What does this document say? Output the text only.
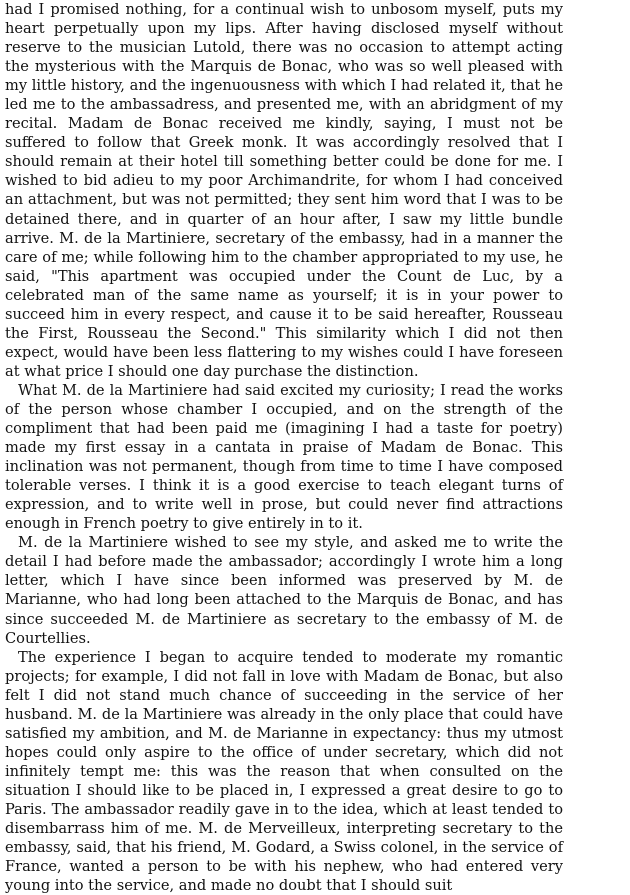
had I promised nothing, for a continual wish to unbosom myself, puts my heart perpetually upon my lips. After having disclosed myself without reserve to the musician Lutold, there was no occasion to attempt acting the mysterious with the Marquis de Bonac, who was so well pleased with my little history, and the ingenuousness with which I had related it, that he led me to the ambassadress, and presented me, with an abridgment of my recital. Madam de Bonac received me kindly, saying, I must not be suffered to follow that Greek monk. It was accordingly resolved that I should remain at their hotel till something better could be done for me. I wished to bid adieu to my poor Archimandrite, for whom I had conceived an attachment, but was not permitted; they sent him word that I was to be detained there, and in quarter of an hour after, I saw my little bundle arrive. M. de la Martiniere, secretary of the embassy, had in a manner the care of me; while following him to the chamber appropriated to my use, he said, "This apartment was occupied under the Count de Luc, by a celebrated man of the same name as yourself; it is in your power to succeed him in every respect, and cause it to be said hereafter, Rousseau the First, Rousseau the Second." This similarity which I did not then expect, would have been less flattering to my wishes could I have foreseen at what price I should one day purchase the distinction.

What M. de la Martiniere had said excited my curiosity; I read the works of the person whose chamber I occupied, and on the strength of the compliment that had been paid me (imagining I had a taste for poetry) made my first essay in a cantata in praise of Madam de Bonac. This inclination was not permanent, though from time to time I have composed tolerable verses. I think it is a good exercise to teach elegant turns of expression, and to write well in prose, but could never find attractions enough in French poetry to give entirely in to it.

M. de la Martiniere wished to see my style, and asked me to write the detail I had before made the ambassador; accordingly I wrote him a long letter, which I have since been informed was preserved by M. de Marianne, who had long been attached to the Marquis de Bonac, and has since succeeded M. de Martiniere as secretary to the embassy of M. de Courtellies.

The experience I began to acquire tended to moderate my romantic projects; for example, I did not fall in love with Madam de Bonac, but also felt I did not stand much chance of succeeding in the service of her husband. M. de la Martiniere was already in the only place that could have satisfied my ambition, and M. de Marianne in expectancy: thus my utmost hopes could only aspire to the office of under secretary, which did not infinitely tempt me: this was the reason that when consulted on the situation I should like to be placed in, I expressed a great desire to go to Paris. The ambassador readily gave in to the idea, which at least tended to disembarrass him of me. M. de Merveilleux, interpreting secretary to the embassy, said, that his friend, M. Godard, a Swiss colonel, in the service of France, wanted a person to be with his nephew, who had entered very young into the service, and made no doubt that I should suit
